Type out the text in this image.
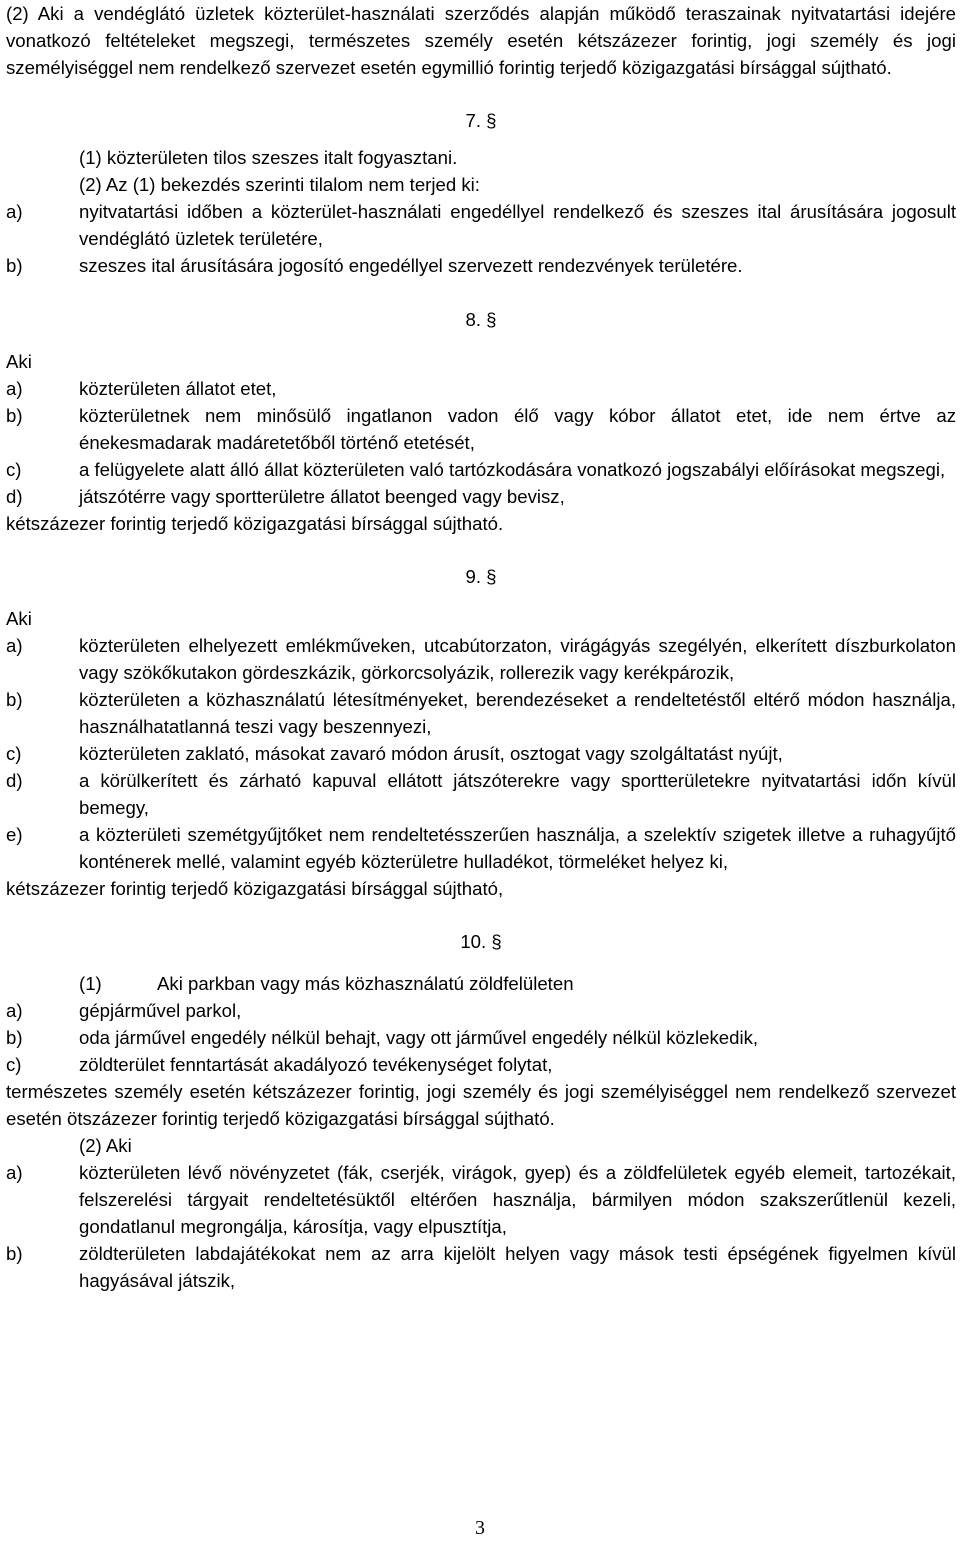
(2) Aki a vendéglátó üzletek közterület-használati szerződés alapján működő teraszainak nyitvatartási idejére vonatkozó feltételeket megszegi, természetes személy esetén kétszázezer forintig, jogi személy és jogi személyiséggel nem rendelkező szervezet esetén egymillió forintig terjedő közigazgatási bírsággal sújtható.
7. §
(1) közterületen tilos szeszes italt fogyasztani.
(2) Az (1) bekezdés szerinti tilalom nem terjed ki:
a)	nyitvatartási időben a közterület-használati engedéllyel rendelkező és szeszes ital árusítására jogosult vendéglátó üzletek területére,
b)	szeszes ital árusítására jogosító engedéllyel szervezett rendezvények területére.
8. §
Aki
a)	közterületen állatot etet,
b)	közterületnek nem minősülő ingatlanon vadon élő vagy kóbor állatot etet, ide nem értve az énekesmadarak madáretetőből történő etetését,
c)	a felügyelete alatt álló állat közterületen való tartózkodására vonatkozó jogszabályi előírásokat megszegi,
d)	játszótérre vagy sportterületre állatot beenged vagy bevisz,
kétszázezer forintig terjedő közigazgatási bírsággal sújtható.
9. §
Aki
a)	közterületen elhelyezett emlékműveken, utcabútorzaton, virágágyás szegélyén, elkerített díszburkolaton vagy szökőkutakon gördeszkázik, görkorcsolyázik, rollerezik vagy kerékpározik,
b)	közterületen a közhasználatú létesítményeket, berendezéseket a rendeltetéstől eltérő módon használja, használhatatlanná teszi vagy beszennyezi,
c)	közterületen zaklató, másokat zavaró módon árusít, osztogat vagy szolgáltatást nyújt,
d)	a körülkerített és zárható kapuval ellátott játszóterekre vagy sportterületekre nyitvatartási időn kívül bemegy,
e)	a közterületi szemétgyűjtőket nem rendeltetésszerűen használja, a szelektív szigetek illetve a ruhagyűjtő konténerek mellé, valamint egyéb közterületre hulladékot, törmeléket helyez ki,
kétszázezer forintig terjedő közigazgatási bírsággal sújtható,
10. §
(1)	Aki parkban vagy más közhasználatú zöldfelületen
a)	gépjárművel parkol,
b)	oda járművel engedély nélkül behajt, vagy ott járművel engedély nélkül közlekedik,
c)	zöldterület fenntartását akadályozó tevékenységet folytat,
természetes személy esetén kétszázezer forintig, jogi személy és jogi személyiséggel nem rendelkező szervezet esetén ötszázezer forintig terjedő közigazgatási bírsággal sújtható.
(2) Aki
a)	közterületen lévő növényzetet (fák, cserjék, virágok, gyep) és a zöldfelületek egyéb elemeit, tartozékait, felszerelési tárgyait rendeltetésüktől eltérően használja, bármilyen módon szakszerűtlenül kezeli, gondatlanul megrongálja, károsítja, vagy elpusztítja,
b)	zöldterületen labdajátékokat nem az arra kijelölt helyen vagy mások testi épségének figyelmen kívül hagyásával játszik,
3
